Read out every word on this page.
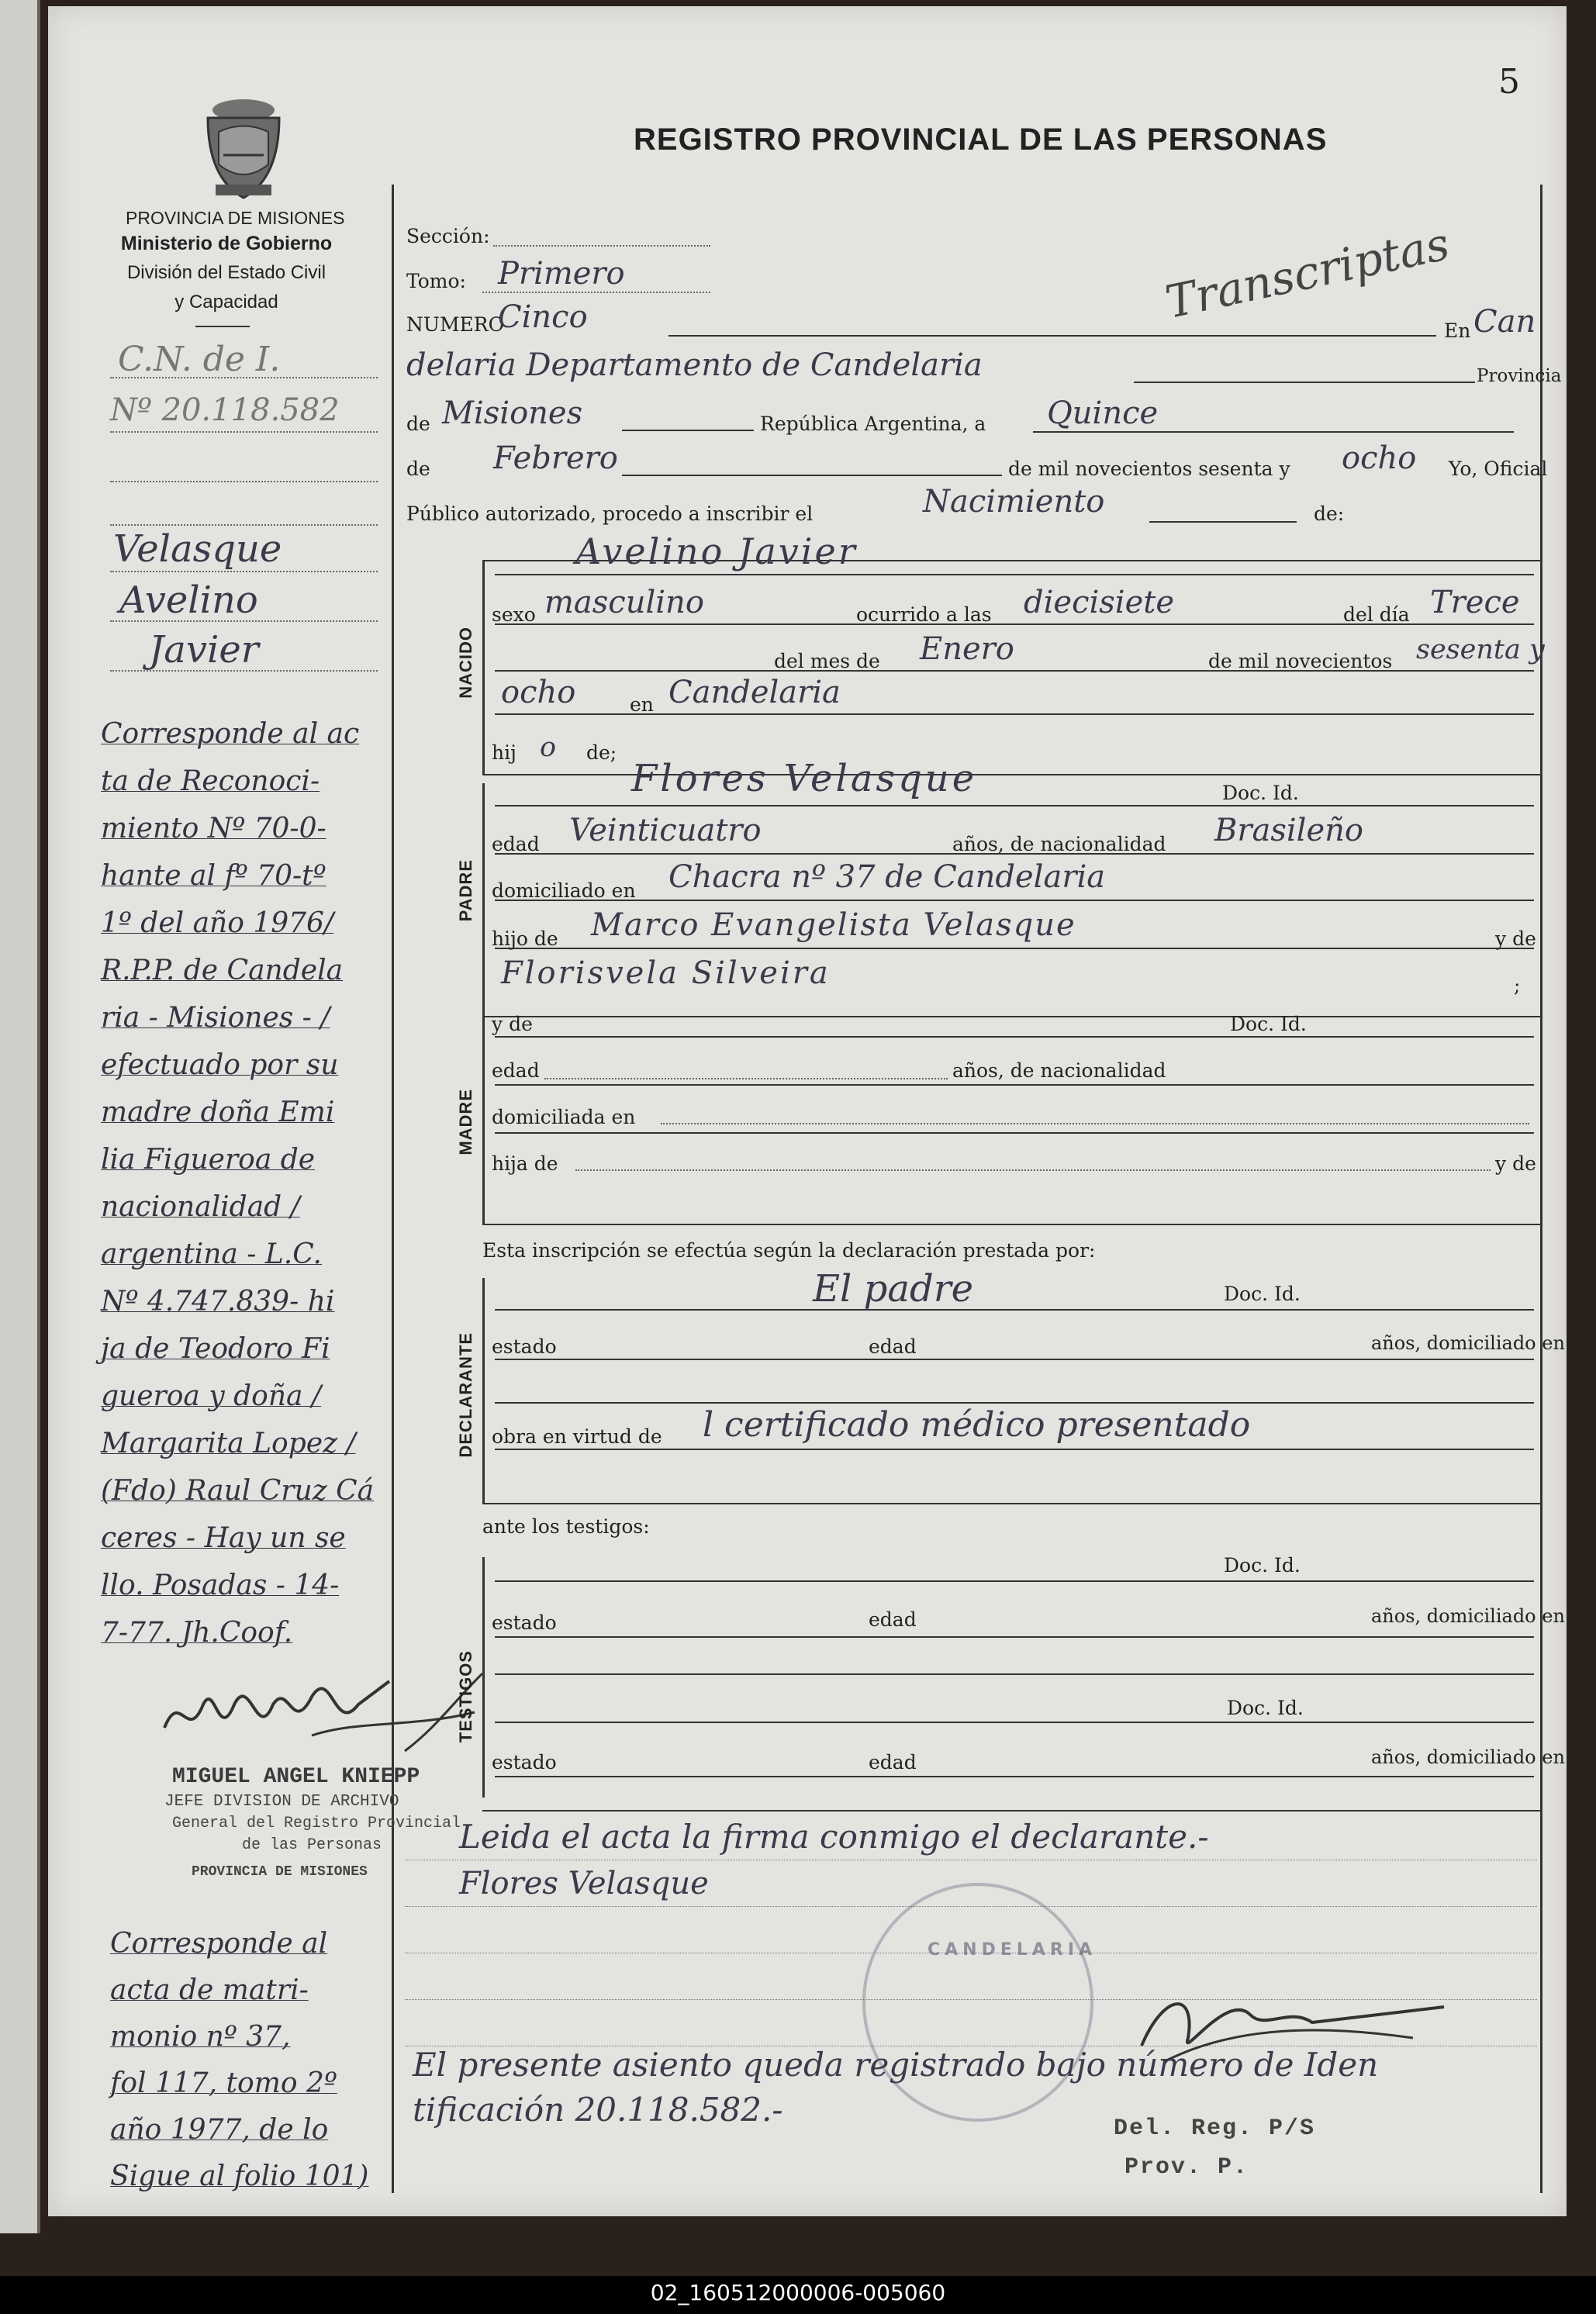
5
REGISTRO PROVINCIAL DE LAS PERSONAS
PROVINCIA DE MISIONES
Ministerio de Gobierno
División del Estado Civil
y Capacidad
C.N. de I.
Nº 20.118.582
Velasque
Avelino
Javier
Corresponde al ac
ta de Reconoci-
miento Nº 70-0-
hante al fº 70-tº
1º del año 1976/
R.P.P. de Candela
ria - Misiones - /
efectuado por su
madre doña Emi
lia Figueroa de
nacionalidad /
argentina - L.C.
Nº 4.747.839- hi
ja de Teodoro Fi
gueroa y doña /
Margarita Lopez /
(Fdo) Raul Cruz Cá
ceres - Hay un se
llo. Posadas - 14-
7-77. Jh.Coof.
MIGUEL ANGEL KNIEPP
JEFE DIVISION DE ARCHIVO
General del Registro Provincial
de las Personas
PROVINCIA DE MISIONES
Corresponde al
acta de matri-
monio nº 37,
fol 117, tomo 2º
año 1977, de lo
Sigue al folio 101)
Sección:
Tomo: Primero	Transcriptas
NUMERO
Cinco	En Can
delaria Departamento de Candelaria	Provincia
de Misiones	República Argentina, a Quince
de Febrero	de mil novecientos sesenta y ocho Yo, Oficial
Público autorizado, procedo a inscribir el	Nacimiento	de:
NACIDO
Avelino Javier
sexo masculino	ocurrido a las diecisiete	del día Trece
del mes de Enero	de mil novecientos sesenta y
ocho	en Candelaria
hij o de;
PADRE
Flores Velasque	Doc. Id.
edad Veinticuatro	años, de nacionalidad Brasileño
domiciliado en Chacra nº 37 de Candelaria
hijo de Marco Evangelista Velasque	y de
Florisvela Silveira	;
MADRE
y de	Doc. Id.
edad	años, de nacionalidad
domiciliada en
hija de	y de
Esta inscripción se efectúa según la declaración prestada por:
DECLARANTE
El padre	Doc. Id.
estado	edad	años, domiciliado en
obra en virtud de l certificado médico presentado
ante los testigos:
TESTIGOS
Doc. Id.
estado	edad	años, domiciliado en
Doc. Id.
estado	edad	años, domiciliado en
Leida el acta la firma conmigo el declarante.-
Flores Velasque
CANDELARIA
El presente asiento queda registrado bajo número de Iden
tificación 20.118.582.-	Del. Reg. P/S
Prov. P.
02_160512000006-005060
